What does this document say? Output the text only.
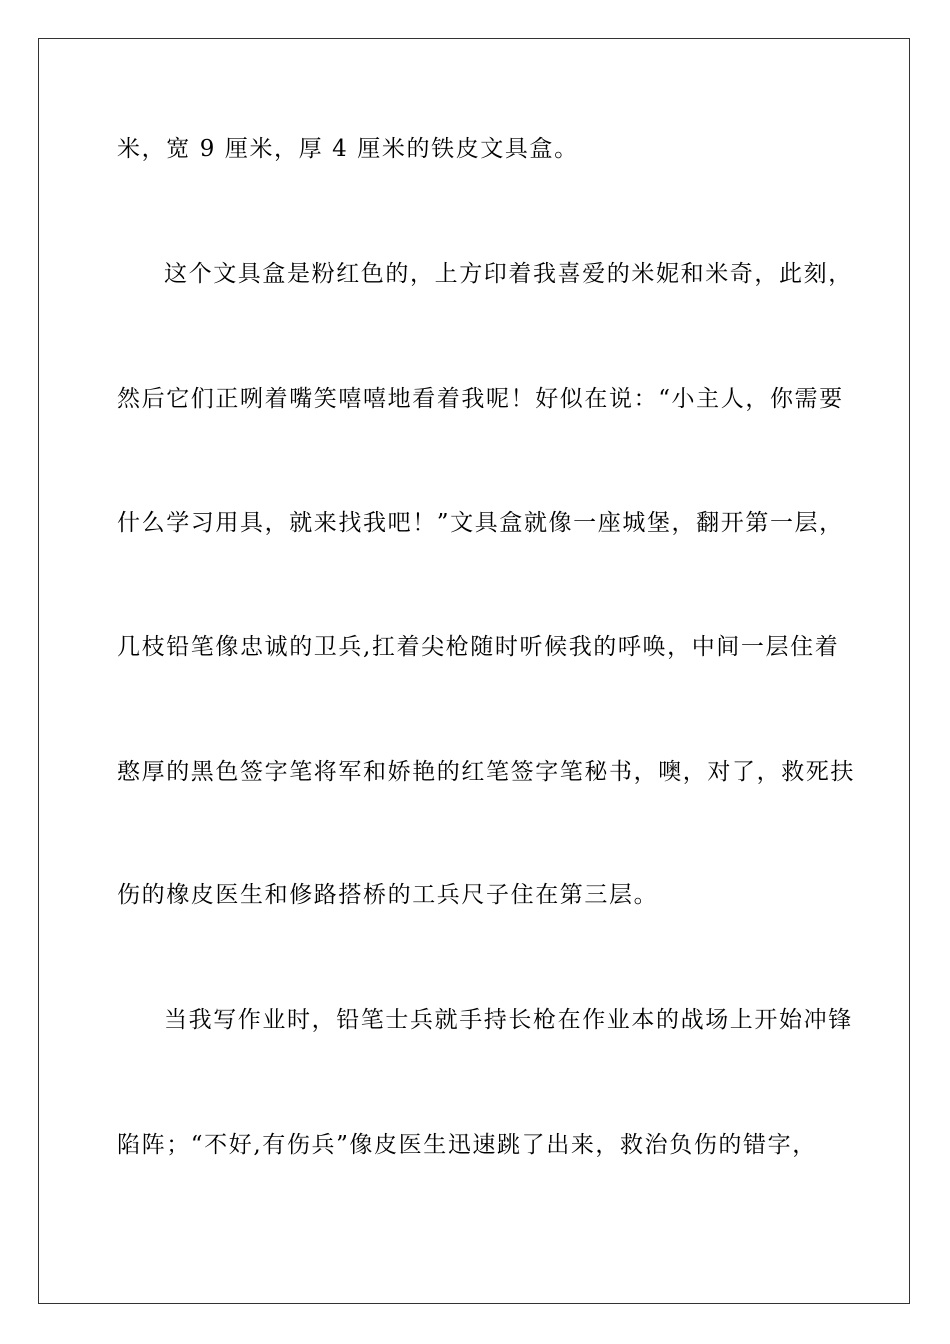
米，宽 9 厘米，厚 4 厘米的铁皮文具盒。
这个文具盒是粉红色的，上方印着我喜爱的米妮和米奇，此刻，
然后它们正咧着嘴笑嘻嘻地看着我呢！好似在说：“小主人，你需要
什么学习用具，就来找我吧！”文具盒就像一座城堡，翻开第一层，
几枝铅笔像忠诚的卫兵,扛着尖枪随时听候我的呼唤，中间一层住着
憨厚的黑色签字笔将军和娇艳的红笔签字笔秘书，噢，对了，救死扶
伤的橡皮医生和修路搭桥的工兵尺子住在第三层。
当我写作业时，铅笔士兵就手持长枪在作业本的战场上开始冲锋
陷阵；“不好,有伤兵”像皮医生迅速跳了出来，救治负伤的错字，
